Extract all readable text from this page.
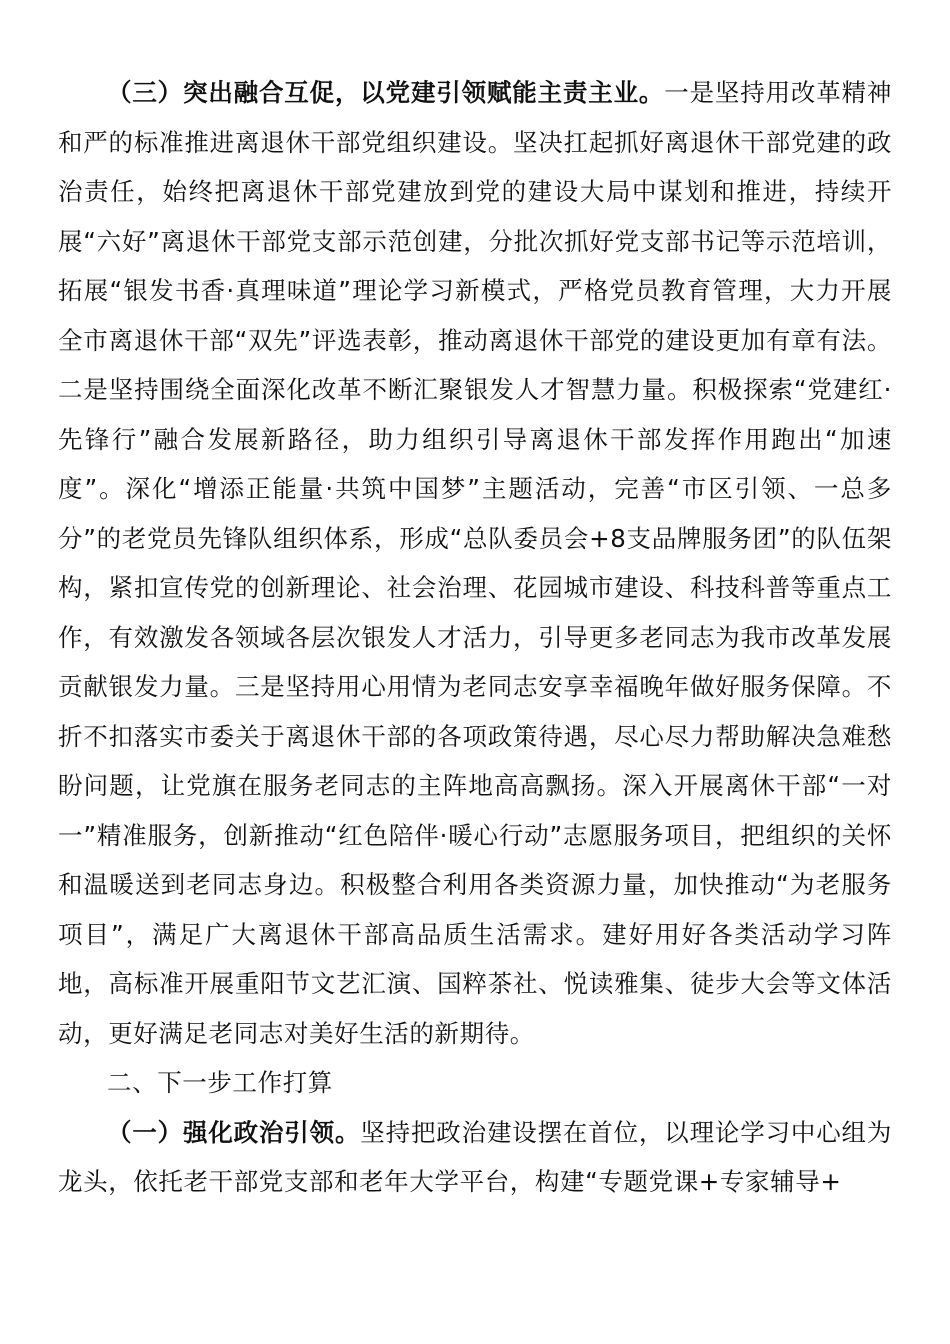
（三）突出融合互促，以党建引领赋能主责主业。一是坚持用改革精神和严的标准推进离退休干部党组织建设。坚决扛起抓好离退休干部党建的政治责任，始终把离退休干部党建放到党的建设大局中谋划和推进，持续开展“六好”离退休干部党支部示范创建，分批次抓好党支部书记等示范培训，拓展“银发书香·真理味道”理论学习新模式，严格党员教育管理，大力开展全市离退休干部“双先”评选表彰，推动离退休干部党的建设更加有章有法。二是坚持围绕全面深化改革不断汇聚银发人才智慧力量。积极探索“党建红·先锋行”融合发展新路径，助力组织引导离退休干部发挥作用跑出“加速度”。深化“增添正能量·共筑中国梦”主题活动，完善“市区引领、一总多分”的老党员先锋队组织体系，形成“总队委员会+8支品牌服务团”的队伍架构，紧扣宣传党的创新理论、社会治理、花园城市建设、科技科普等重点工作，有效激发各领域各层次银发人才活力，引导更多老同志为我市改革发展贡献银发力量。三是坚持用心用情为老同志安享幸福晚年做好服务保障。不折不扣落实市委关于离退休干部的各项政策待遇，尽心尽力帮助解决急难愁盼问题，让党旗在服务老同志的主阵地高高飘扬。深入开展离休干部“一对一”精准服务，创新推动“红色陪伴·暖心行动”志愿服务项目，把组织的关怀和温暖送到老同志身边。积极整合利用各类资源力量，加快推动“为老服务项目”，满足广大离退休干部高品质生活需求。建好用好各类活动学习阵地，高标准开展重阳节文艺汇演、国粹茶社、悦读雅集、徒步大会等文体活动，更好满足老同志对美好生活的新期待。

二、下一步工作打算

（一）强化政治引领。坚持把政治建设摆在首位，以理论学习中心组为龙头，依托老干部党支部和老年大学平台，构建“专题党课+专家辅导+
